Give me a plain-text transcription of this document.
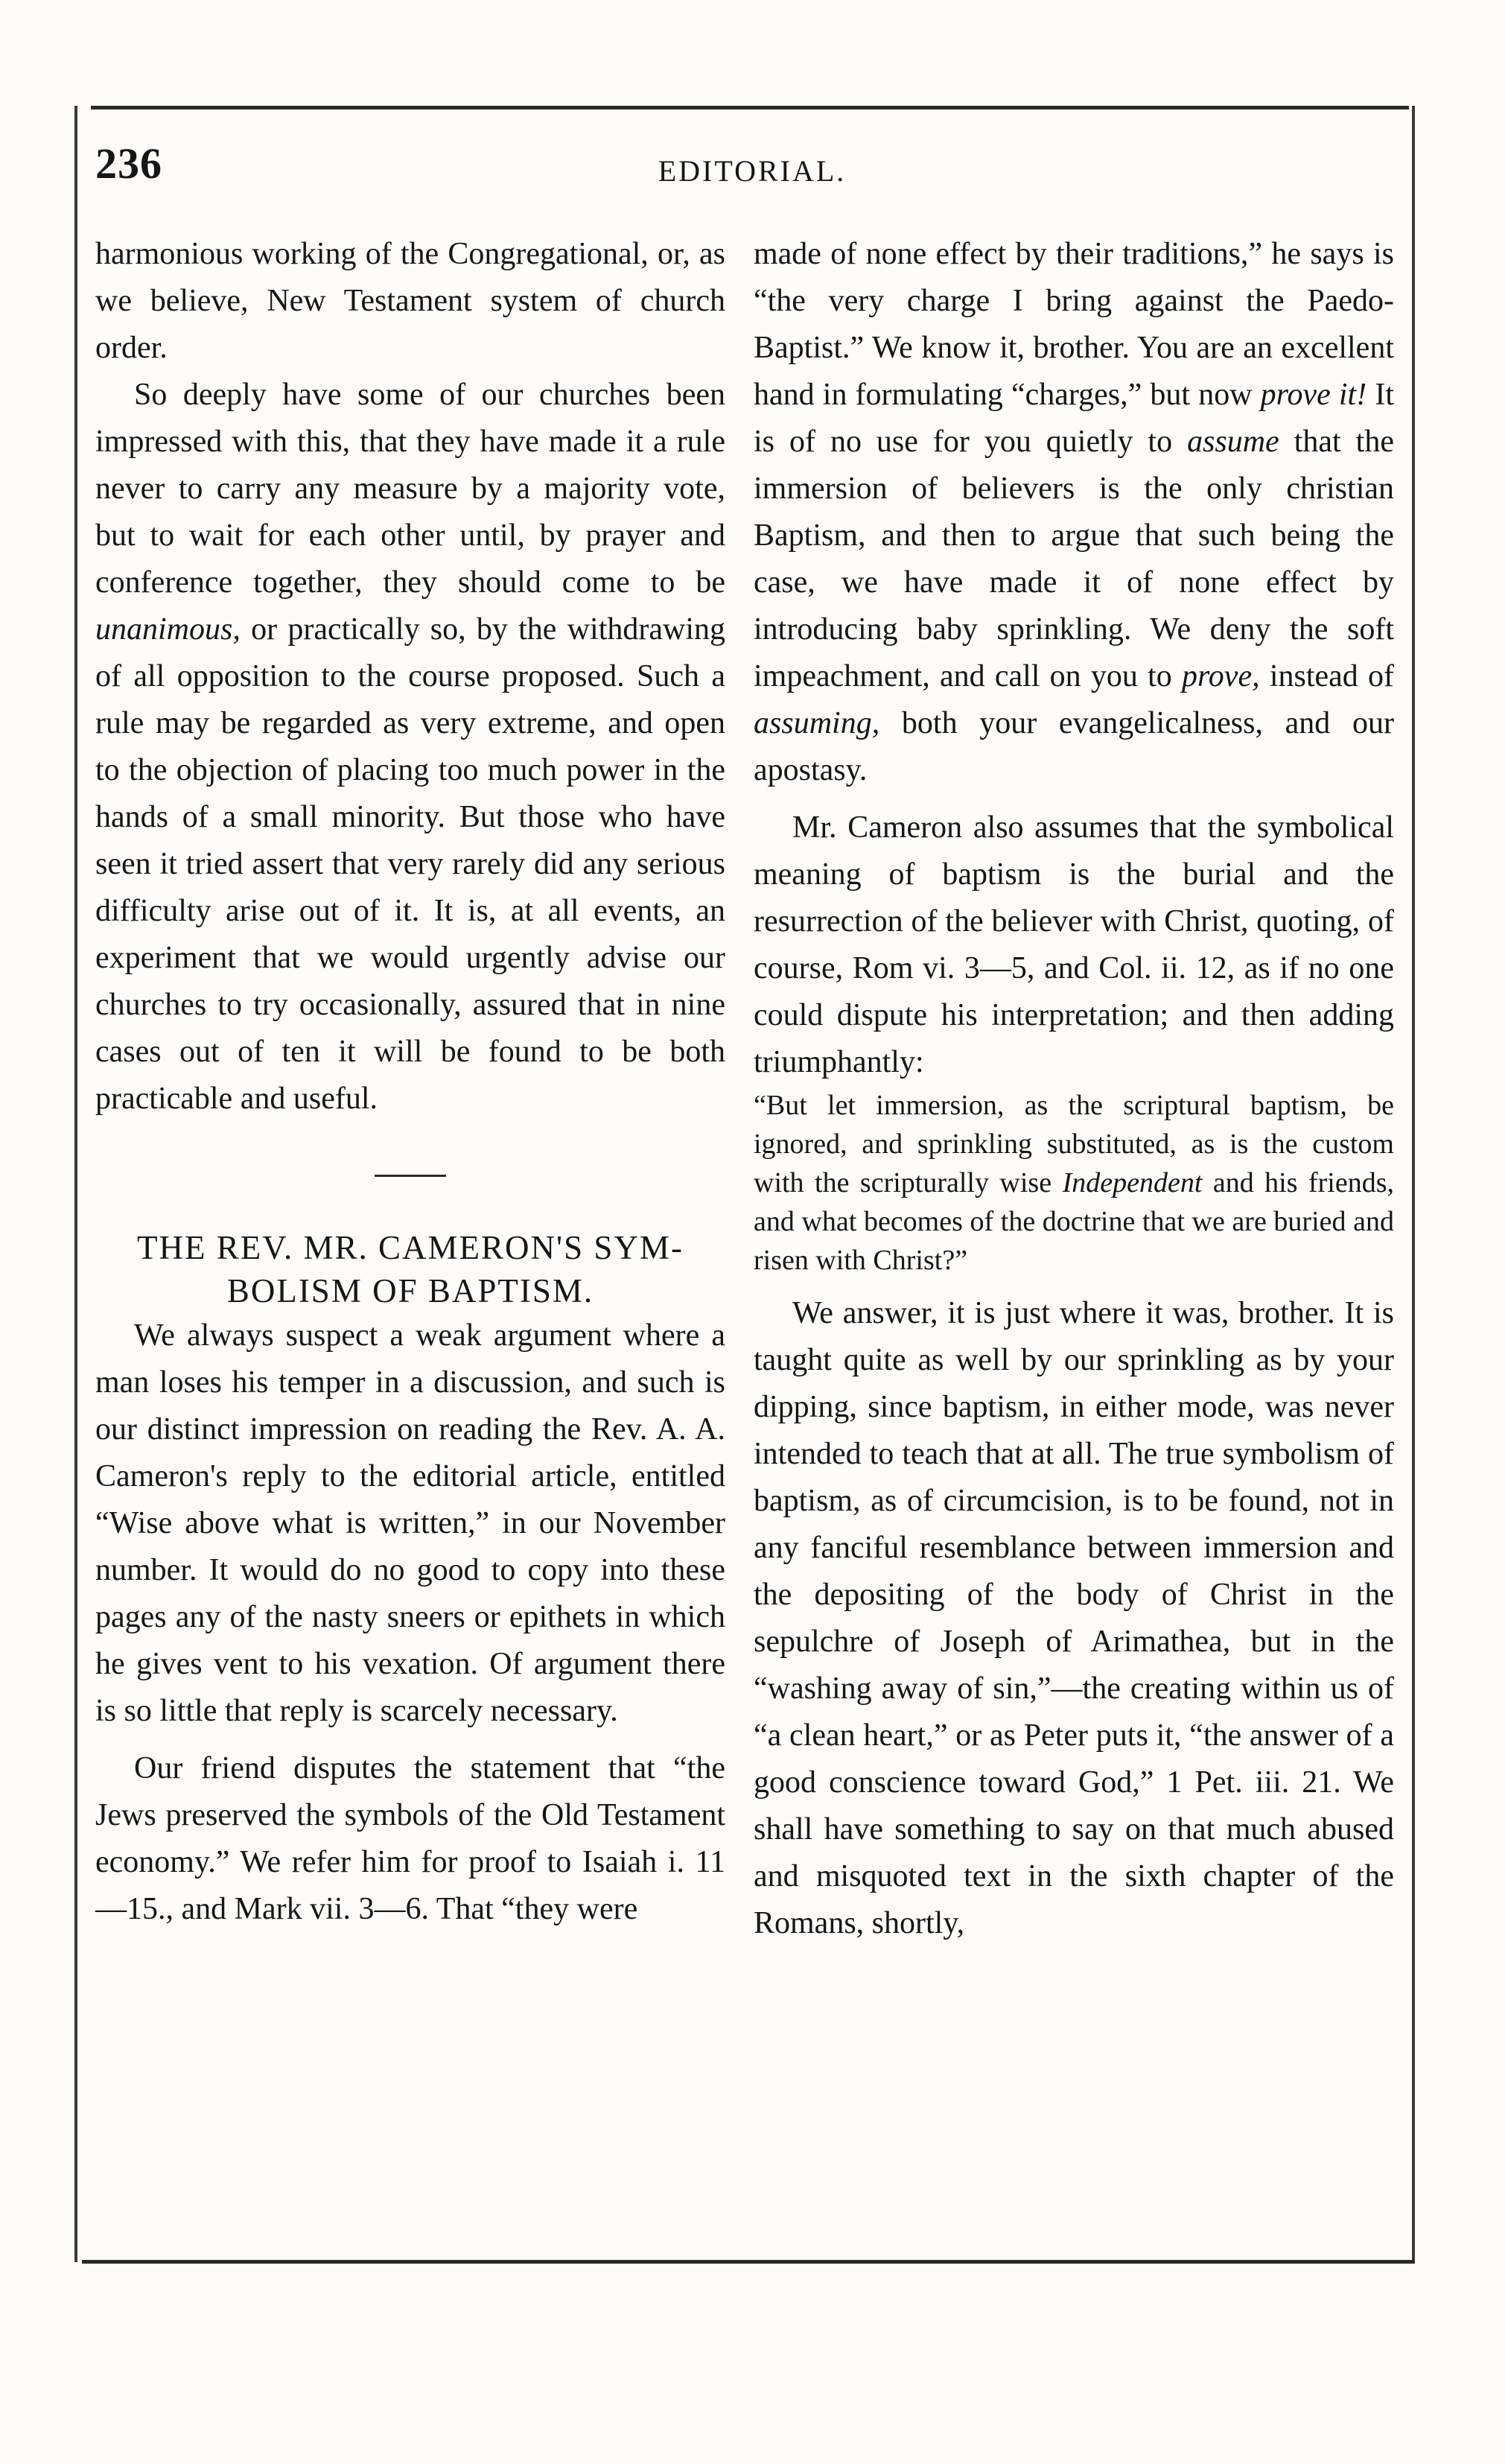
236	EDITORIAL.

harmonious working of the Congregational, or, as we believe, New Testament system of church order.

So deeply have some of our churches been impressed with this, that they have made it a rule never to carry any measure by a majority vote, but to wait for each other until, by prayer and conference together, they should come to be unanimous, or practically so, by the withdrawing of all opposition to the course proposed. Such a rule may be regarded as very extreme, and open to the objection of placing too much power in the hands of a small minority. But those who have seen it tried assert that very rarely did any serious difficulty arise out of it. It is, at all events, an experiment that we would urgently advise our churches to try occasionally, assured that in nine cases out of ten it will be found to be both practicable and useful.

THE REV. MR. CAMERON'S SYM-
BOLISM OF BAPTISM.

We always suspect a weak argument where a man loses his temper in a discussion, and such is our distinct impression on reading the Rev. A. A. Cameron's reply to the editorial article, entitled “Wise above what is written,” in our November number. It would do no good to copy into these pages any of the nasty sneers or epithets in which he gives vent to his vexation. Of argument there is so little that reply is scarcely necessary.

Our friend disputes the statement that “the Jews preserved the symbols of the Old Testament economy.” We refer him for proof to Isaiah i. 11—15., and Mark vii. 3—6. That “they were

made of none effect by their traditions,” he says is “the very charge I bring against the Paedo-Baptist.” We know it, brother. You are an excellent hand in formulating “charges,” but now prove it! It is of no use for you quietly to assume that the immersion of believers is the only christian Baptism, and then to argue that such being the case, we have made it of none effect by introducing baby sprinkling. We deny the soft impeachment, and call on you to prove, instead of assuming, both your evangelicalness, and our apostasy.

Mr. Cameron also assumes that the symbolical meaning of baptism is the burial and the resurrection of the believer with Christ, quoting, of course, Rom vi. 3—5, and Col. ii. 12, as if no one could dispute his interpretation; and then adding triumphantly:

“But let immersion, as the scriptural baptism, be ignored, and sprinkling substituted, as is the custom with the scripturally wise Independent and his friends, and what becomes of the doctrine that we are buried and risen with Christ?”

We answer, it is just where it was, brother. It is taught quite as well by our sprinkling as by your dipping, since baptism, in either mode, was never intended to teach that at all. The true symbolism of baptism, as of circumcision, is to be found, not in any fanciful resemblance between immersion and the depositing of the body of Christ in the sepulchre of Joseph of Arimathea, but in the “washing away of sin,”—the creating within us of “a clean heart,” or as Peter puts it, “the answer of a good conscience toward God,” 1 Pet. iii. 21. We shall have something to say on that much abused and misquoted text in the sixth chapter of the Romans, shortly,
